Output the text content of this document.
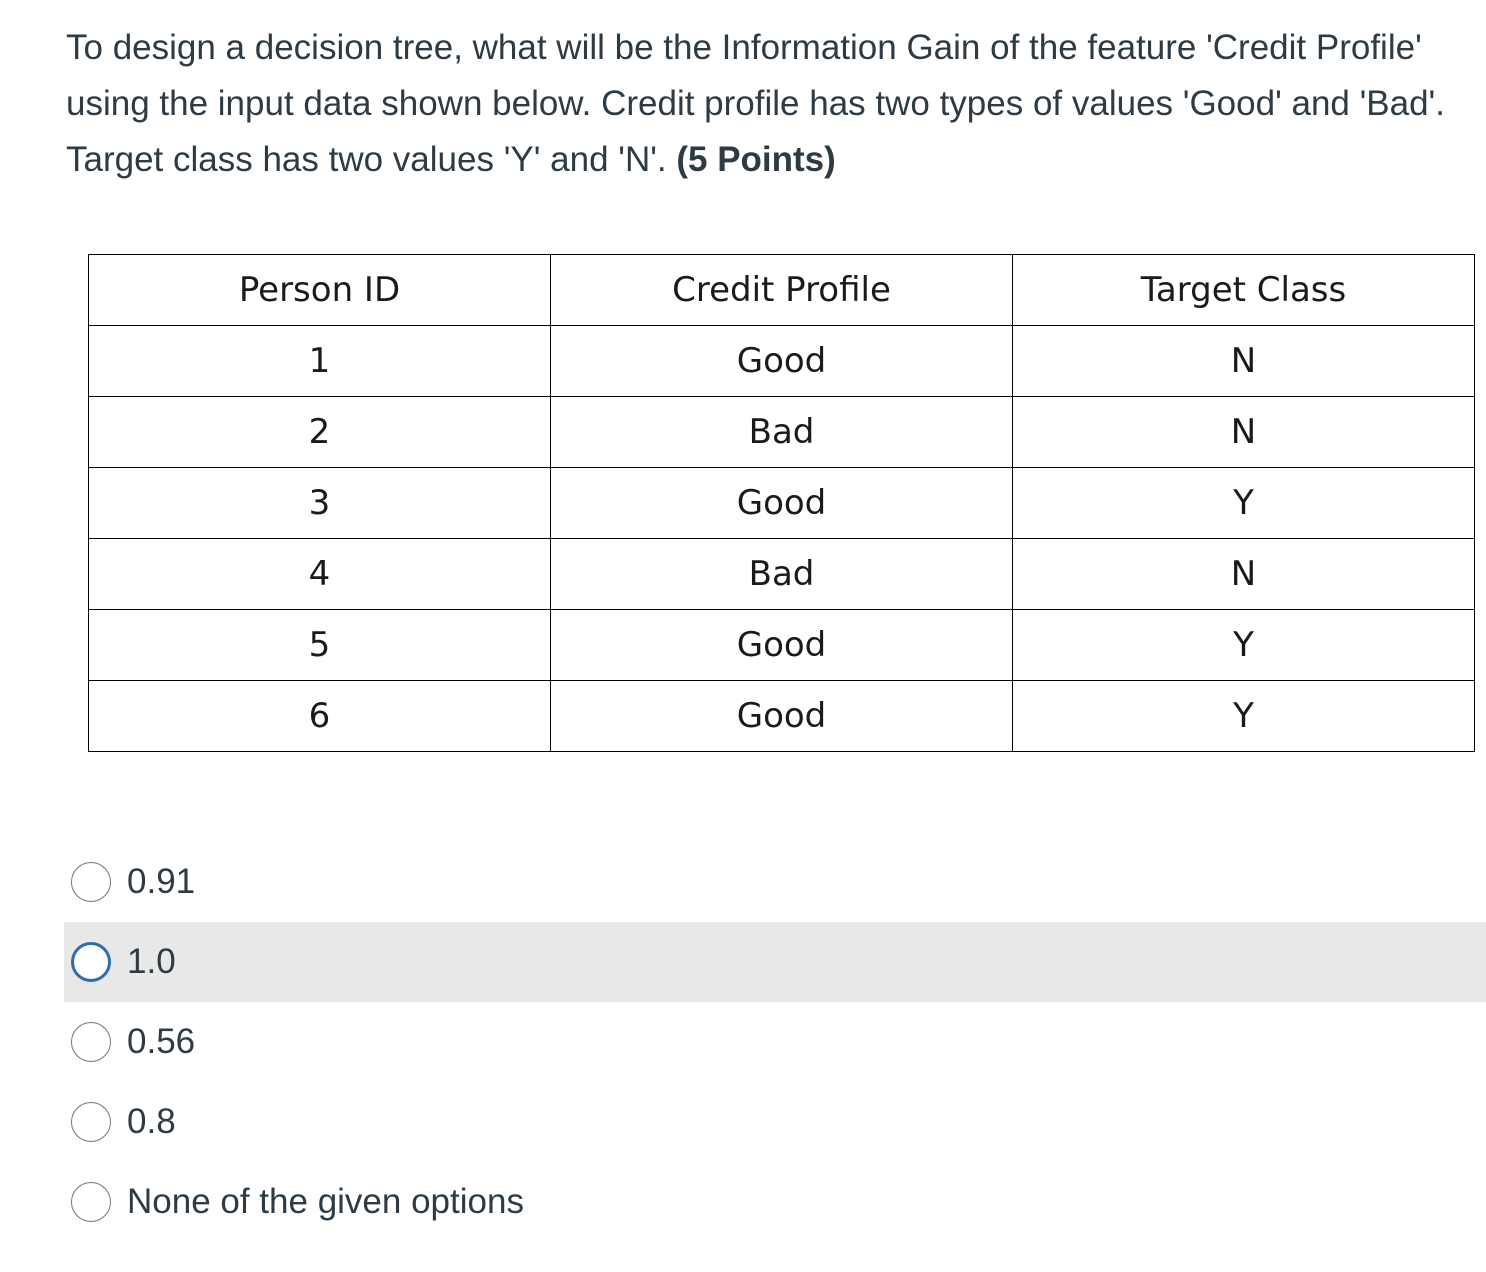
To design a decision tree, what will be the Information Gain of the feature 'Credit Profile' using the input data shown below. Credit profile has two types of values 'Good' and 'Bad'. Target class has two values 'Y' and 'N'. (5 Points)
Person ID	Credit Profile	Target Class
1	Good	N
2	Bad	N
3	Good	Y
4	Bad	N
5	Good	Y
6	Good	Y
0.91
1.0
0.56
0.8
None of the given options
